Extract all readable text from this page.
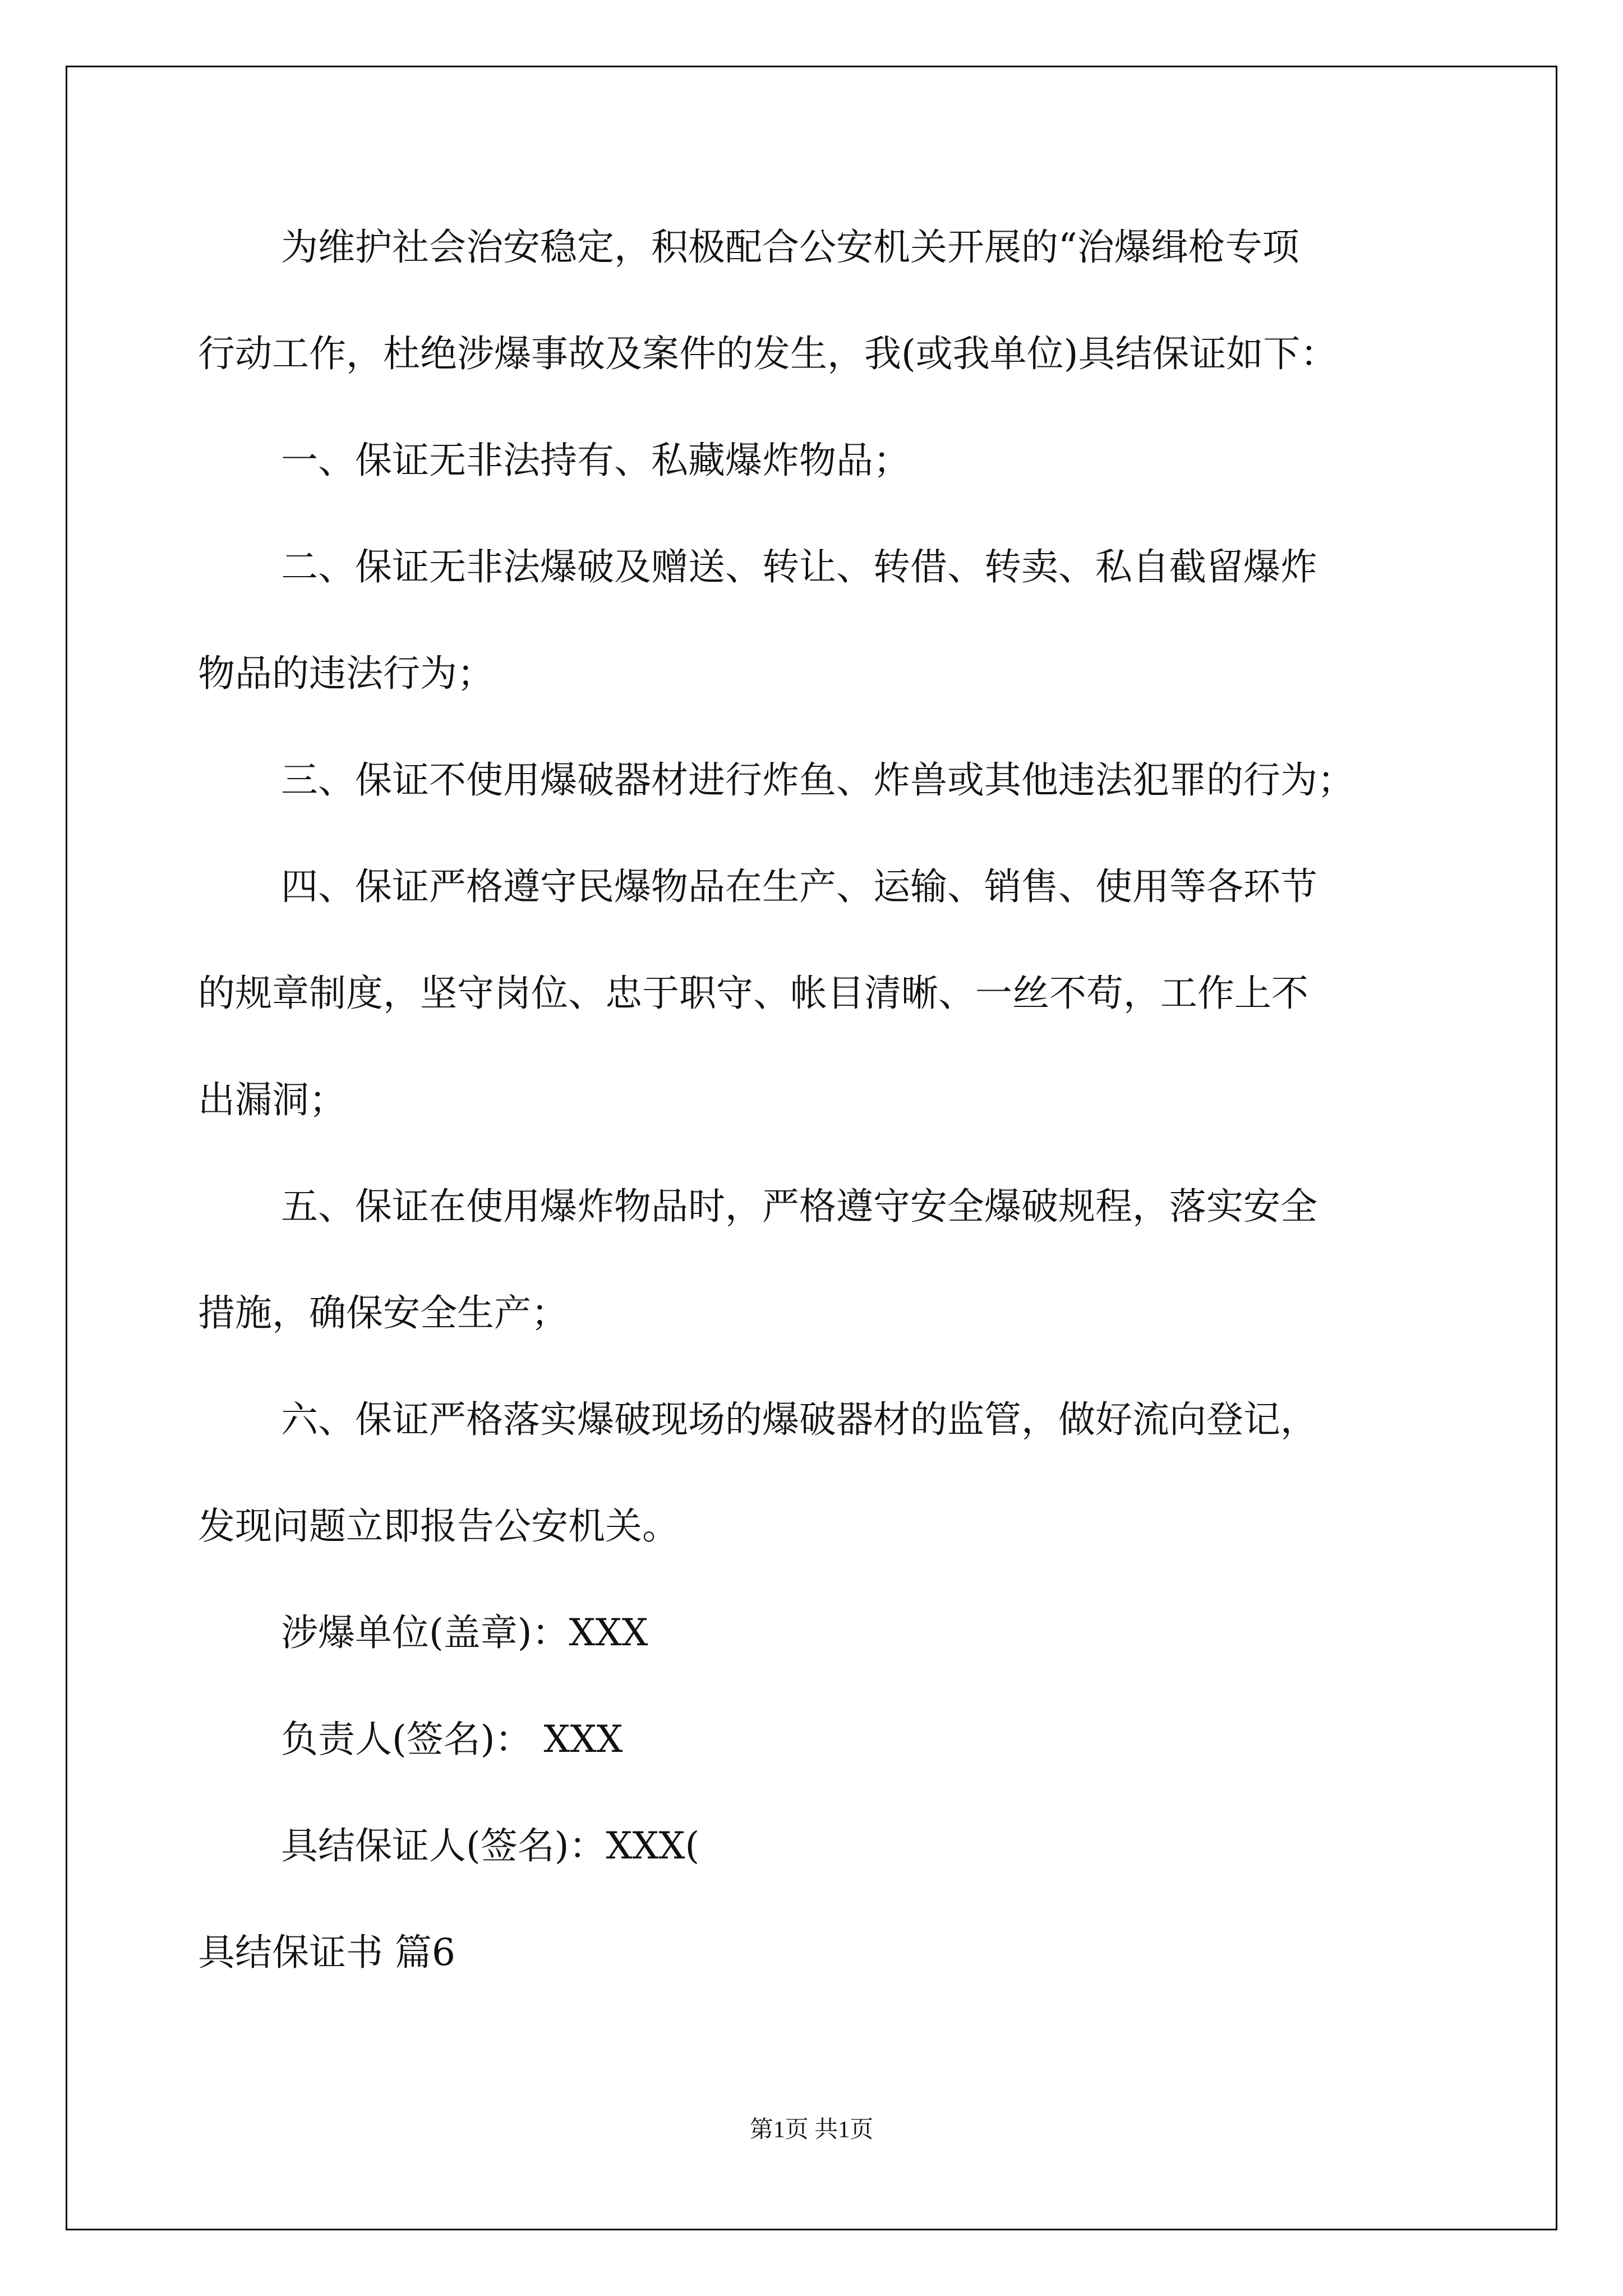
为维护社会治安稳定，积极配合公安机关开展的“治爆缉枪专项
行动工作，杜绝涉爆事故及案件的发生，我(或我单位)具结保证如下：
一、保证无非法持有、私藏爆炸物品；
二、保证无非法爆破及赠送、转让、转借、转卖、私自截留爆炸
物品的违法行为；
三、保证不使用爆破器材进行炸鱼、炸兽或其他违法犯罪的行为；
四、保证严格遵守民爆物品在生产、运输、销售、使用等各环节
的规章制度，坚守岗位、忠于职守、帐目清晰、一丝不苟，工作上不
出漏洞；
五、保证在使用爆炸物品时，严格遵守安全爆破规程，落实安全
措施，确保安全生产；
六、保证严格落实爆破现场的爆破器材的监管，做好流向登记，
发现问题立即报告公安机关。
涉爆单位(盖章)：XXX
负责人(签名)： XXX
具结保证人(签名)：XXX(
具结保证书 篇6
第1页 共1页
